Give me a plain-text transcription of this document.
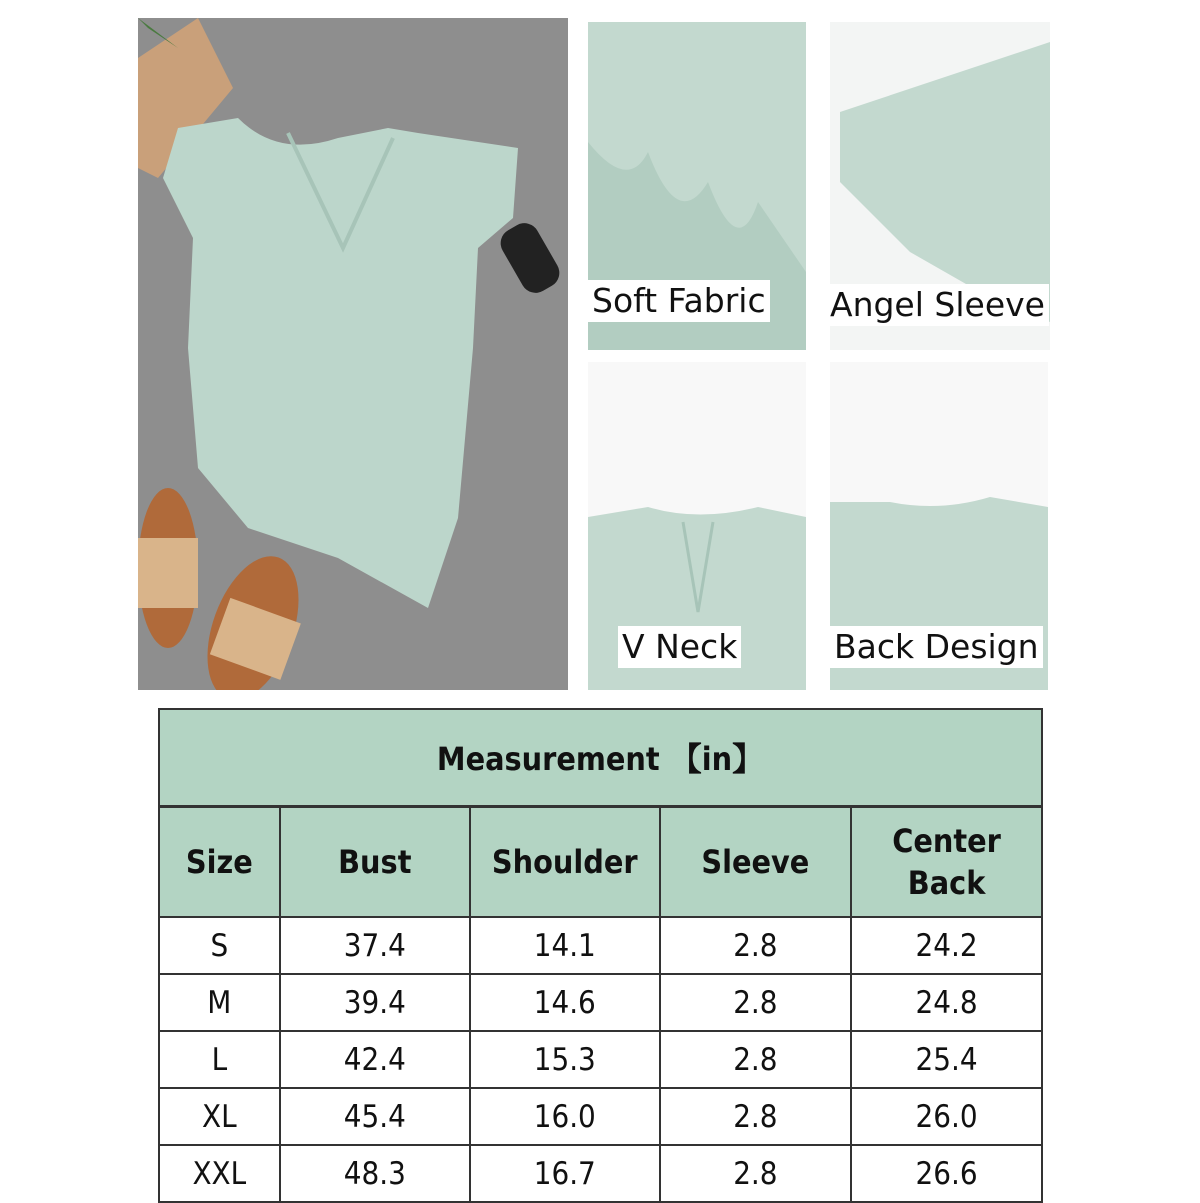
Soft Fabric Angel Sleeve
V Neck	Back Design
Measurement 【in】				
Size	Bust	Shoulder	Sleeve	Center Back
S	37.4	14.1	2.8	24.2
M	39.4	14.6	2.8	24.8
L	42.4	15.3	2.8	25.4
XL	45.4	16.0	2.8	26.0
XXL	48.3	16.7	2.8	26.6
